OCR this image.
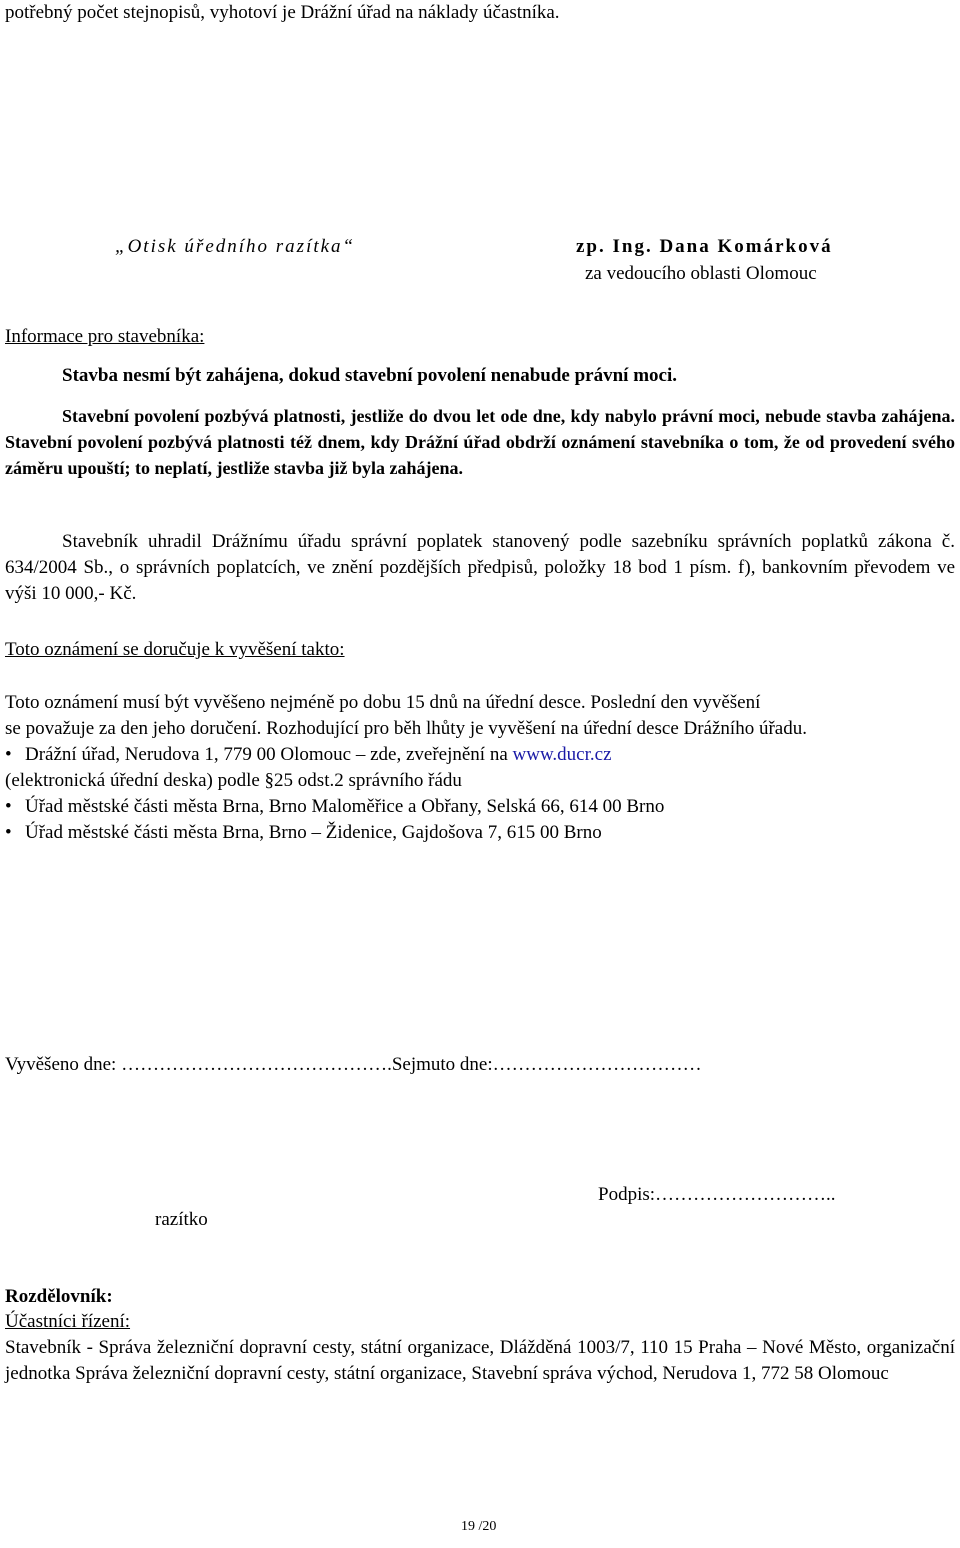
potřebný počet stejnopisů, vyhotoví je Drážní úřad na náklady účastníka.
„Otisk úředního razítka“	zp. Ing. Dana Komárková
za vedoucího oblasti Olomouc
Informace pro stavebníka:
Stavba nesmí být zahájena, dokud stavební povolení nenabude právní moci.
Stavební povolení pozbývá platnosti, jestliže do dvou let ode dne, kdy nabylo právní moci, nebude stavba zahájena. Stavební povolení pozbývá platnosti též dnem, kdy Drážní úřad obdrží oznámení stavebníka o tom, že od provedení svého záměru upouští; to neplatí, jestliže stavba již byla zahájena.
Stavebník uhradil Drážnímu úřadu správní poplatek stanovený podle sazebníku správních poplatků zákona č. 634/2004 Sb., o správních poplatcích, ve znění pozdějších předpisů, položky 18 bod 1 písm. f), bankovním převodem ve výši 10 000,- Kč.
Toto oznámení se doručuje k vyvěšení takto:
Toto oznámení musí být vyvěšeno nejméně po dobu 15 dnů na úřední desce. Poslední den vyvěšení
se považuje za den jeho doručení. Rozhodující pro běh lhůty je vyvěšení na úřední desce Drážního úřadu.
• Drážní úřad, Nerudova 1, 779 00 Olomouc – zde, zveřejnění na www.ducr.cz
(elektronická úřední deska) podle §25 odst.2 správního řádu
• Úřad městské části města Brna, Brno Maloměřice a Obřany, Selská 66, 614 00 Brno
• Úřad městské části města Brna, Brno – Židenice, Gajdošova 7, 615 00 Brno
Vyvěšeno dne: …………………………………….Sejmuto dne:……………………………
Podpis:………………………..
razítko
Rozdělovník:
Účastníci řízení:
Stavebník - Správa železniční dopravní cesty, státní organizace, Dlážděná 1003/7, 110 15 Praha – Nové Město, organizační jednotka Správa železniční dopravní cesty, státní organizace, Stavební správa východ, Nerudova 1, 772 58 Olomouc
19 /20
